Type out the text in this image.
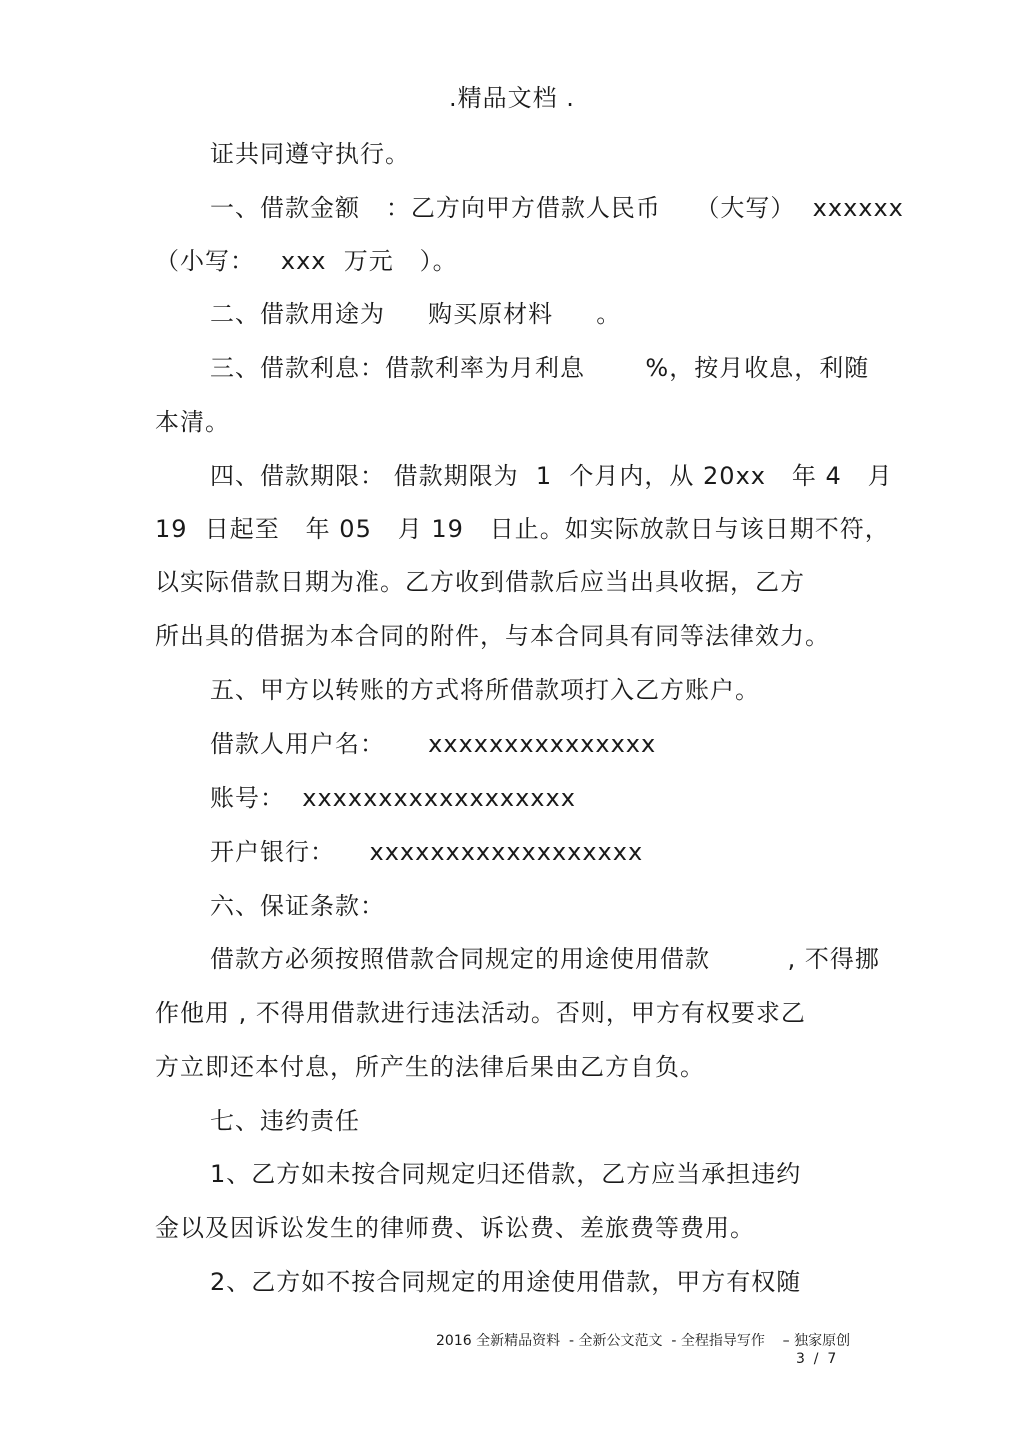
.精品文档 .
证共同遵守执行。
一、借款金额   ：乙方向甲方借款人民币    （大写）  xxxxxx
（小写：   xxx  万元   ）。
二、借款用途为     购买原材料     。
三、借款利息：借款利率为月利息       %，按月收息，利随
本清。
四、借款期限： 借款期限为  1  个月内，从 20xx   年 4   月
19  日起至   年 05   月 19   日止。如实际放款日与该日期不符，
以实际借款日期为准。乙方收到借款后应当出具收据，乙方
所出具的借据为本合同的附件，与本合同具有同等法律效力。
五、甲方以转账的方式将所借款项打入乙方账户。
借款人用户名：     xxxxxxxxxxxxxxx
账号：  xxxxxxxxxxxxxxxxxx
开户银行：    xxxxxxxxxxxxxxxxxx
六、保证条款：
借款方必须按照借款合同规定的用途使用借款         , 不得挪
作他用 , 不得用借款进行违法活动。否则，甲方有权要求乙
方立即还本付息，所产生的法律后果由乙方自负。
七、违约责任
1、乙方如未按合同规定归还借款，乙方应当承担违约
金以及因诉讼发生的律师费、诉讼费、差旅费等费用。
2、乙方如不按合同规定的用途使用借款，甲方有权随
2016 全新精品资料  - 全新公文范文  - 全程指导写作    – 独家原创
3  /  7
